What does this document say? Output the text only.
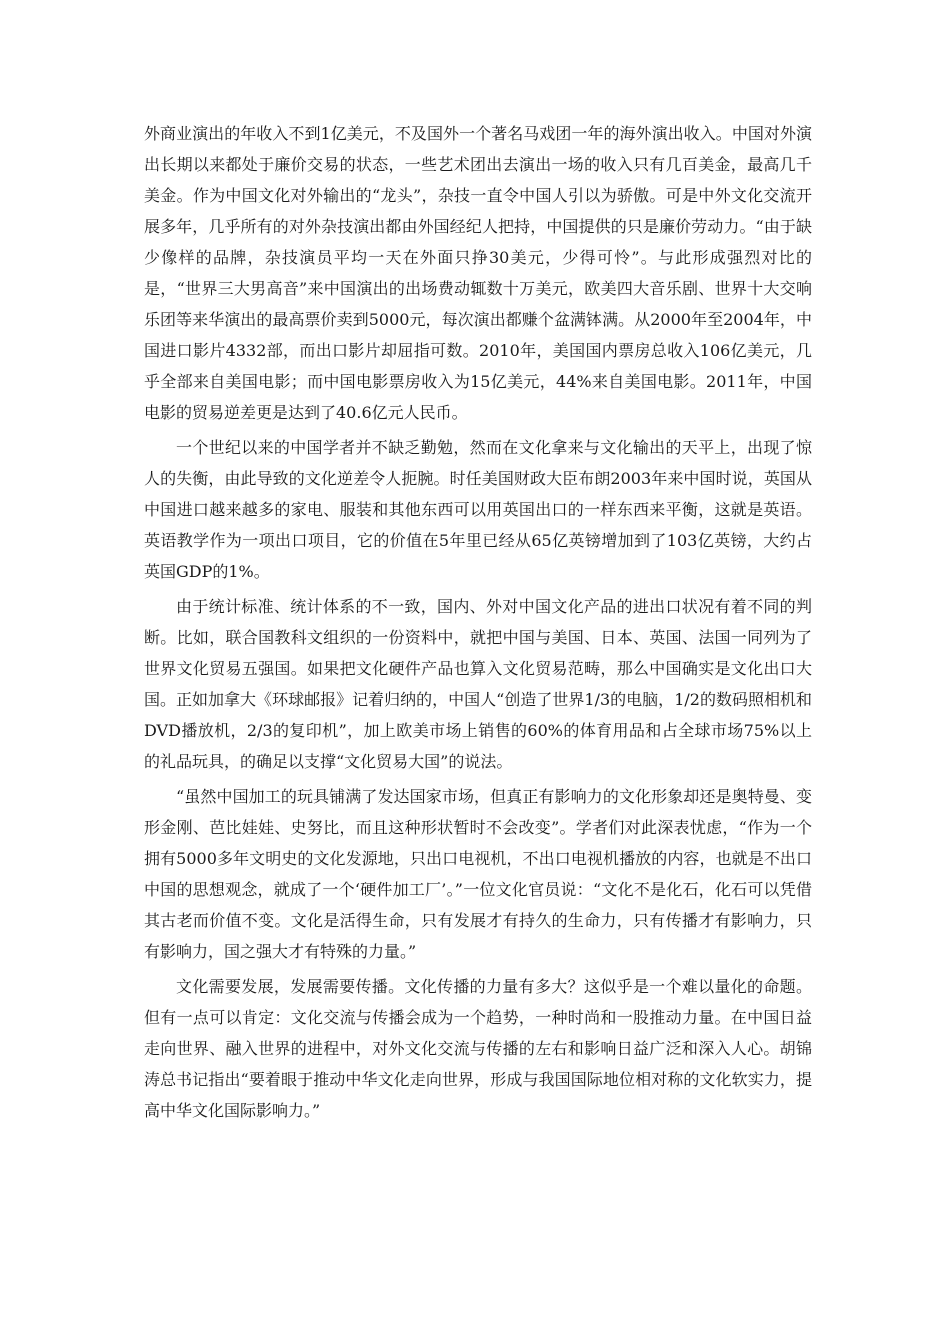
外商业演出的年收入不到1亿美元，不及国外一个著名马戏团一年的海外演出收入。中国对外演出长期以来都处于廉价交易的状态，一些艺术团出去演出一场的收入只有几百美金，最高几千美金。作为中国文化对外输出的“龙头”，杂技一直令中国人引以为骄傲。可是中外文化交流开展多年，几乎所有的对外杂技演出都由外国经纪人把持，中国提供的只是廉价劳动力。“由于缺少像样的品牌，杂技演员平均一天在外面只挣30美元，少得可怜”。与此形成强烈对比的是，“世界三大男高音”来中国演出的出场费动辄数十万美元，欧美四大音乐剧、世界十大交响乐团等来华演出的最高票价卖到5000元，每次演出都赚个盆满钵满。从2000年至2004年，中国进口影片4332部，而出口影片却屈指可数。2010年，美国国内票房总收入106亿美元，几乎全部来自美国电影；而中国电影票房收入为15亿美元，44%来自美国电影。2011年，中国电影的贸易逆差更是达到了40.6亿元人民币。

一个世纪以来的中国学者并不缺乏勤勉，然而在文化拿来与文化输出的天平上，出现了惊人的失衡，由此导致的文化逆差令人扼腕。时任美国财政大臣布朗2003年来中国时说，英国从中国进口越来越多的家电、服装和其他东西可以用英国出口的一样东西来平衡，这就是英语。英语教学作为一项出口项目，它的价值在5年里已经从65亿英镑增加到了103亿英镑，大约占英国GDP的1%。

由于统计标准、统计体系的不一致，国内、外对中国文化产品的进出口状况有着不同的判断。比如，联合国教科文组织的一份资料中，就把中国与美国、日本、英国、法国一同列为了世界文化贸易五强国。如果把文化硬件产品也算入文化贸易范畴，那么中国确实是文化出口大国。正如加拿大《环球邮报》记着归纳的，中国人“创造了世界1/3的电脑，1/2的数码照相机和DVD播放机，2/3的复印机”，加上欧美市场上销售的60%的体育用品和占全球市场75%以上的礼品玩具，的确足以支撑“文化贸易大国”的说法。

“虽然中国加工的玩具铺满了发达国家市场，但真正有影响力的文化形象却还是奥特曼、变形金刚、芭比娃娃、史努比，而且这种形状暂时不会改变”。学者们对此深表忧虑，“作为一个拥有5000多年文明史的文化发源地，只出口电视机，不出口电视机播放的内容，也就是不出口中国的思想观念，就成了一个‘硬件加工厂’。”一位文化官员说：“文化不是化石，化石可以凭借其古老而价值不变。文化是活得生命，只有发展才有持久的生命力，只有传播才有影响力，只有影响力，国之强大才有特殊的力量。”

文化需要发展，发展需要传播。文化传播的力量有多大？这似乎是一个难以量化的命题。但有一点可以肯定：文化交流与传播会成为一个趋势，一种时尚和一股推动力量。在中国日益走向世界、融入世界的进程中，对外文化交流与传播的左右和影响日益广泛和深入人心。胡锦涛总书记指出“要着眼于推动中华文化走向世界，形成与我国国际地位相对称的文化软实力，提高中华文化国际影响力。”
